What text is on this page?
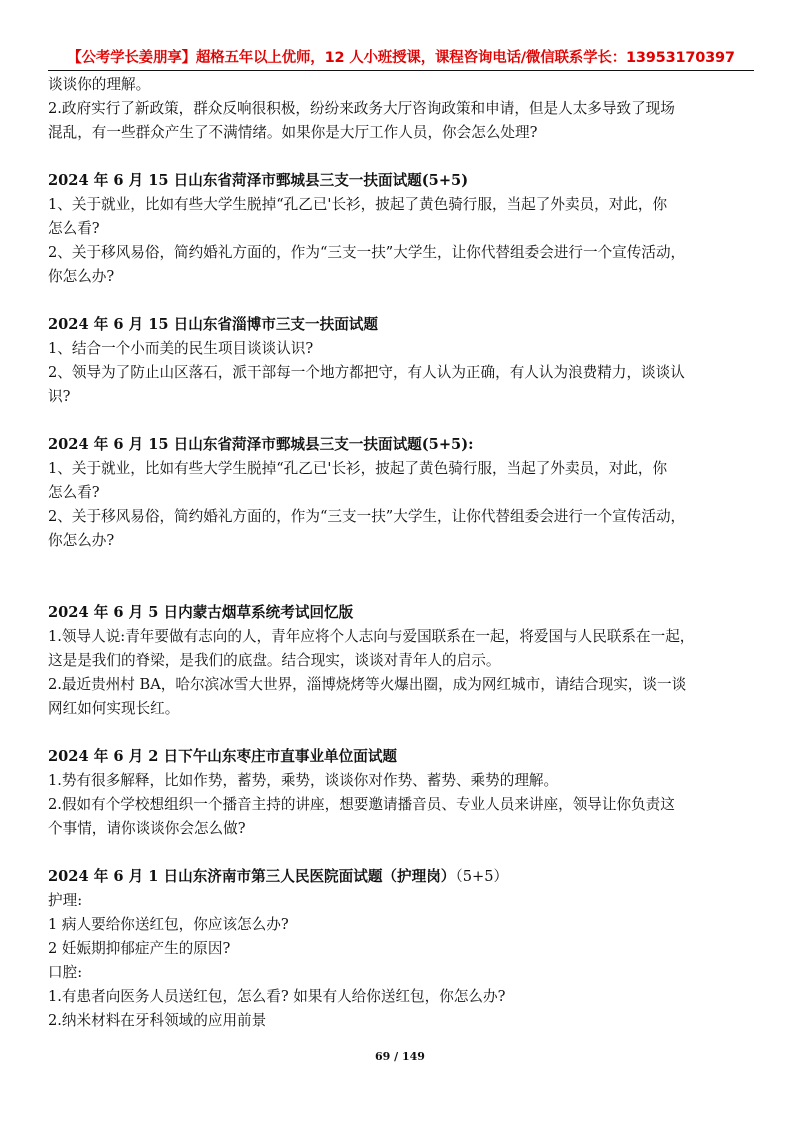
【公考学长姜朋享】超格五年以上优师，12 人小班授课，课程咨询电话/微信联系学长：13953170397
谈谈你的理解。
2.政府实行了新政策，群众反响很积极，纷纷来政务大厅咨询政策和申请，但是人太多导致了现场
混乱，有一些群众产生了不满情绪。如果你是大厅工作人员，你会怎么处理?
2024 年 6 月 15 日山东省菏泽市鄄城县三支一扶面试题(5+5)
1、关于就业，比如有些大学生脱掉“孔乙已'长衫，披起了黄色骑行服，当起了外卖员，对此，你
怎么看?
2、关于移风易俗，简约婚礼方面的，作为“三支一扶”大学生，让你代替组委会进行一个宣传活动，
你怎么办?
2024 年 6 月 15 日山东省淄博市三支一扶面试题
1、结合一个小而美的民生项目谈谈认识?
2、领导为了防止山区落石，派干部每一个地方都把守，有人认为正确，有人认为浪费精力，谈谈认
识?
2024 年 6 月 15 日山东省菏泽市鄄城县三支一扶面试题(5+5):
1、关于就业，比如有些大学生脱掉“孔乙已'长衫，披起了黄色骑行服，当起了外卖员，对此，你
怎么看?
2、关于移风易俗，简约婚礼方面的，作为“三支一扶”大学生，让你代替组委会进行一个宣传活动，
你怎么办?
2024 年 6 月 5 日内蒙古烟草系统考试回忆版
1.领导人说:青年要做有志向的人，青年应将个人志向与爱国联系在一起，将爱国与人民联系在一起，
这是是我们的脊梁，是我们的底盘。结合现实，谈谈对青年人的启示。
2.最近贵州村 BA，哈尔滨冰雪大世界，淄博烧烤等火爆出圈，成为网红城市，请结合现实，谈一谈
网红如何实现长红。
2024 年 6 月 2 日下午山东枣庄市直事业单位面试题
1.势有很多解释，比如作势，蓄势，乘势，谈谈你对作势、蓄势、乘势的理解。
2.假如有个学校想组织一个播音主持的讲座，想要邀请播音员、专业人员来讲座，领导让你负责这
个事情，请你谈谈你会怎么做?
2024 年 6 月 1 日山东济南市第三人民医院面试题（护理岗）（5+5）
护理:
1 病人要给你送红包，你应该怎么办?
2 妊娠期抑郁症产生的原因?
口腔:
1.有患者向医务人员送红包，怎么看? 如果有人给你送红包，你怎么办?
2.纳米材料在牙科领域的应用前景
69 / 149
